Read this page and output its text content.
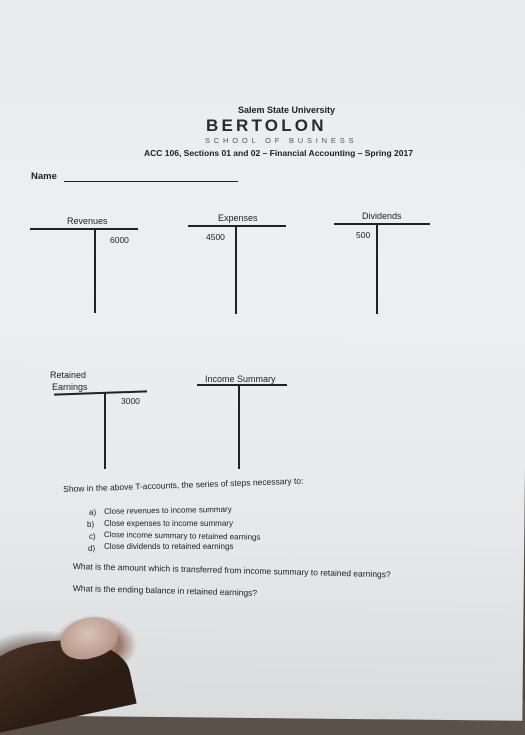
Salem State University
BERTOLON
SCHOOL OF BUSINESS
ACC 106, Sections 01 and 02 – Financial Accounting – Spring 2017
Name
Revenues
6000
Expenses
4500
Dividends
500
Retained
Earnings
3000
Income Summary
Show in the above T-accounts, the series of steps necessary to:
a) Close revenues to income summary
b) Close expenses to income summary
c) Close income summary to retained earnings
d) Close dividends to retained earnings
What is the amount which is transferred from income summary to retained earnings?
What is the ending balance in retained earnings?
